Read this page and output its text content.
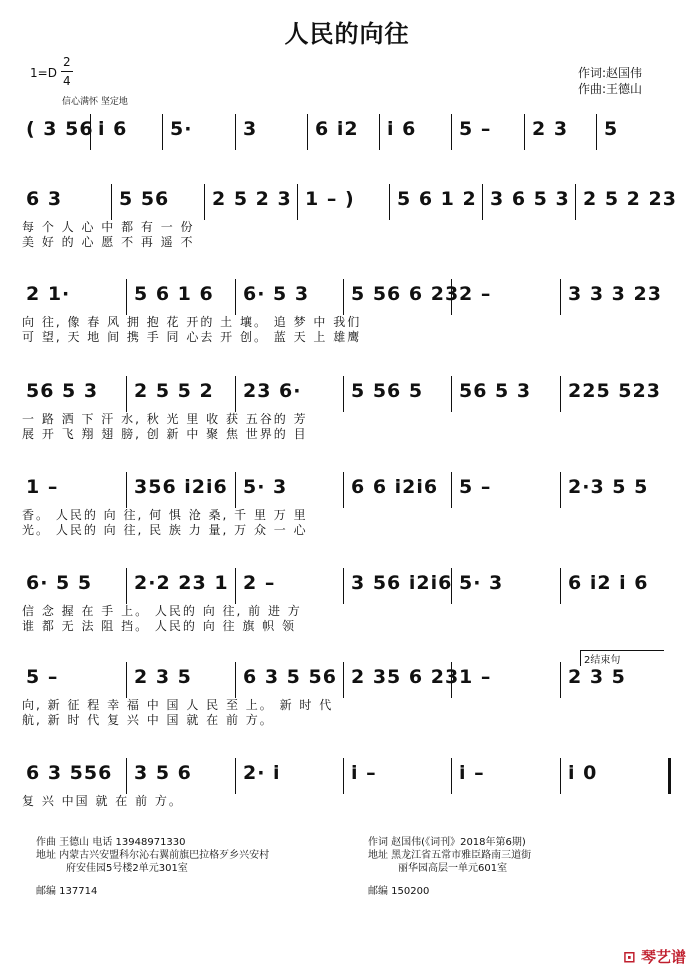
人民的向往
1=D
2
4
信心满怀 坚定地
作词:赵国伟
作曲:王德山
( 3 56 i 6 5·	3	6 i2 i 6 5 – 2 3 5
6 3	5 56 2 5 2 3 1 – ) 5 6 1 2 3 6 5 3 2 5 2 23
每 个 人 心 中 都 有 一 份
美 好 的 心 愿 不 再 遥 不
2 1·	5 6 1 6 6· 5 3 5 56 6 23 2 –	3 3 3 23
向 往, 像 春 风 拥 抱 花 开的 土 壤。 追 梦 中 我们
可 望, 天 地 间 携 手 同 心去 开 创。 蓝 天 上 雄鹰
56 5 3 2 5 5 2 23 6·	5 56 5 56 5 3 225 523
一 路 洒 下 汗 水, 秋 光 里 收 获 五谷的 芳
展 开 飞 翔 翅 膀, 创 新 中 聚 焦 世界的 目
1 –	356 i2i6 5· 3	6 6 i2i6 5 –	2·3 5 5
香。 人民的 向 往, 何 惧 沧 桑, 千 里 万 里
光。 人民的 向 往, 民 族 力 量, 万 众 一 心
6· 5 5 2·2 23 1 2 –	3 56 i2i6 5· 3	6 i2 i 6
信 念 握 在 手 上。 人民的 向 往, 前 进 方
谁 都 无 法 阻 挡。 人民的 向 往 旗 帜 领
5 –	2 3 5	6 3 5 56 2 35 6 23 1 –	2 3 5
向, 新 征 程 幸 福 中 国 人 民 至 上。 新 时 代
航, 新 时 代 复 兴 中 国 就 在 前 方。
2结束句
6 3 556 3 5 6	2· i	i –	i –	i 0
复 兴 中国 就 在 前 方。
作曲 王德山 电话 13948971330
地址 内蒙古兴安盟科尔沁右翼前旗巴拉格歹乡兴安村
府安佳园5号楼2单元301室
邮编 137714
作词 赵国伟(《词刊》2018年第6期)
地址 黑龙江省五常市雅臣路南三道街
丽华园高层一单元601室
邮编 150200
⊡ 琴艺谱
